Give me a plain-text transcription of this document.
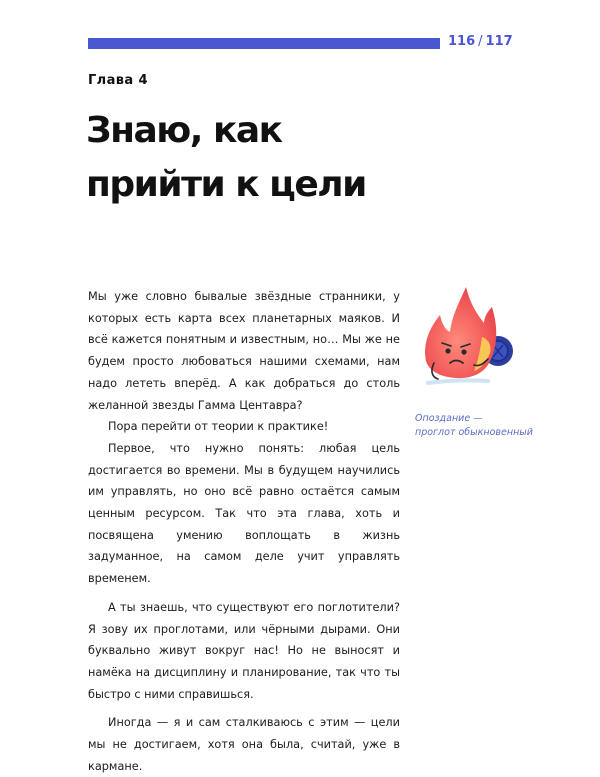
116 / 117
Глава 4
Знаю, как
прийти к цели

Мы уже словно бывалые звёздные странники, у которых есть карта всех планетарных маяков. И всё кажется понятным и известным, но… Мы же не будем просто любоваться нашими схемами, нам надо лететь вперёд. А как добраться до столь желанной звезды Гамма Центавра?

Пора перейти от теории к практике!

Первое, что нужно понять: любая цель достигается во времени. Мы в будущем научились им управлять, но оно всё равно остаётся самым ценным ресурсом. Так что эта глава, хоть и посвящена умению воплощать в жизнь задуманное, на самом деле учит управлять временем.

А ты знаешь, что существуют его поглотители? Я зову их проглотами, или чёрными дырами. Они буквально живут вокруг нас! Но не выносят и намёка на дисциплину и планирование, так что ты быстро с ними справишься.

Иногда — я и сам сталкиваюсь с этим — цели мы не достигаем, хотя она была, считай, уже в кармане.

Опоздание —
проглот обыкновенный
